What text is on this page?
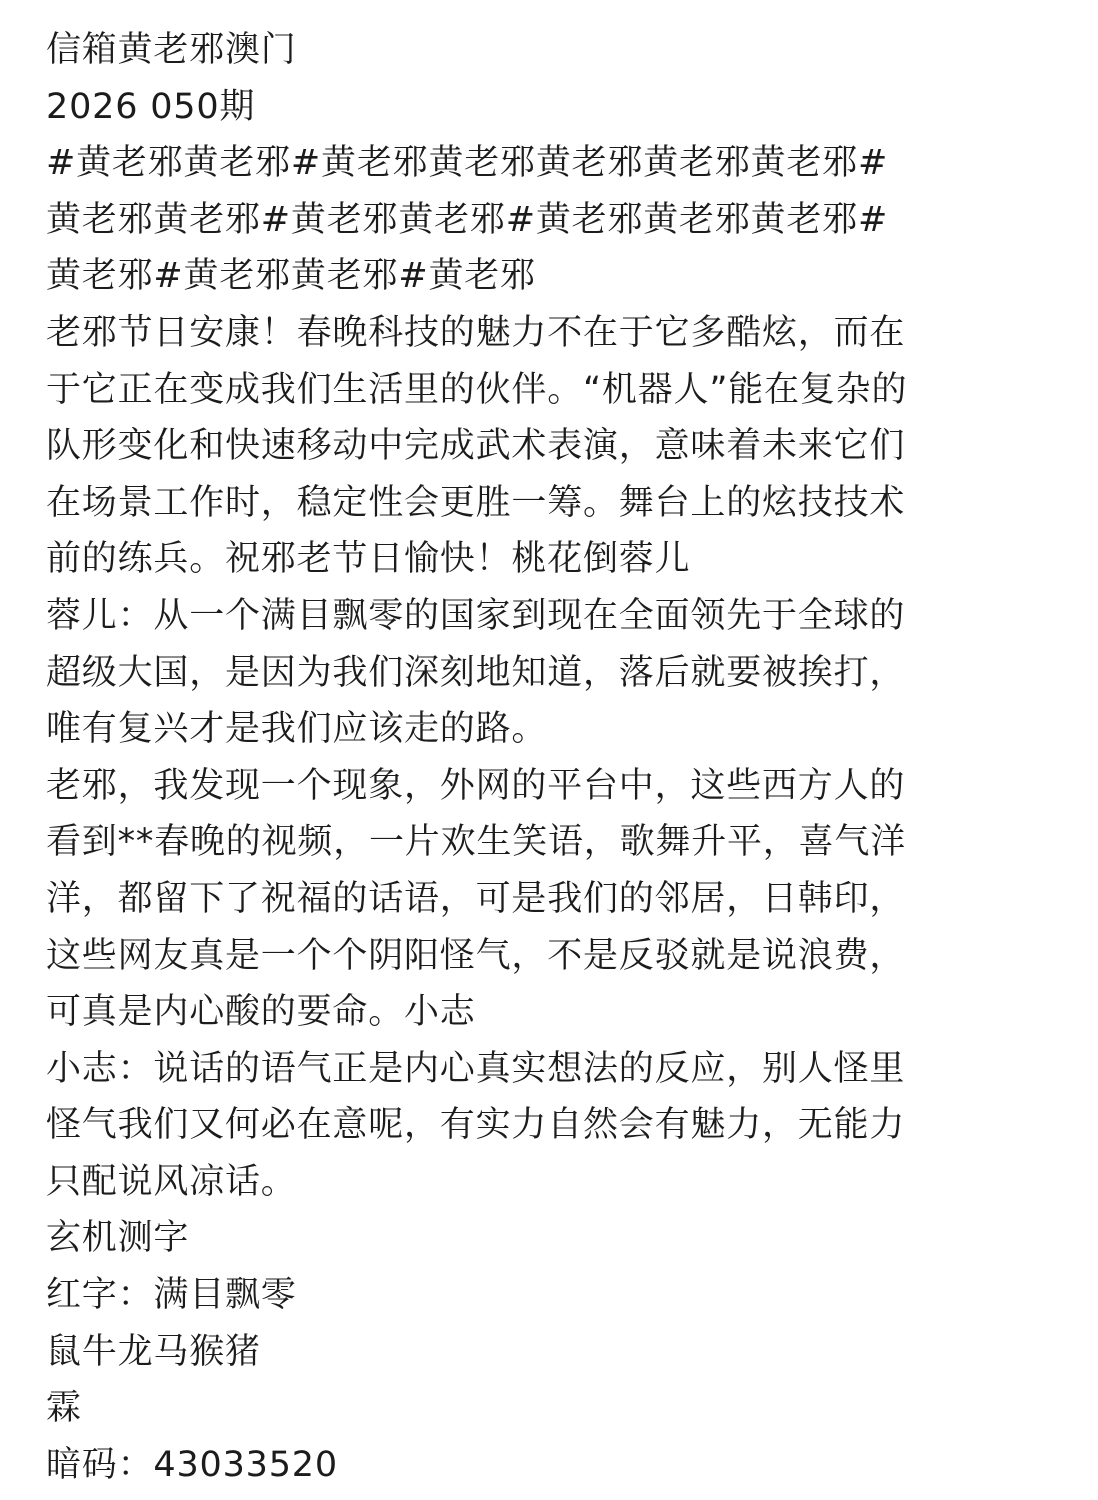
信箱黄老邪澳门
2026 050期
#黄老邪黄老邪#黄老邪黄老邪黄老邪黄老邪黄老邪#
黄老邪黄老邪#黄老邪黄老邪#黄老邪黄老邪黄老邪#
黄老邪#黄老邪黄老邪#黄老邪
老邪节日安康！春晚科技的魅力不在于它多酷炫，而在
于它正在变成我们生活里的伙伴。“机器人”能在复杂的
队形变化和快速移动中完成武术表演，意味着未来它们
在场景工作时，稳定性会更胜一筹。舞台上的炫技技术
前的练兵。祝邪老节日愉快！桃花倒蓉儿
蓉儿：从一个满目飘零的国家到现在全面领先于全球的
超级大国，是因为我们深刻地知道，落后就要被挨打，
唯有复兴才是我们应该走的路。
老邪，我发现一个现象，外网的平台中，这些西方人的
看到**春晚的视频，一片欢生笑语，歌舞升平，喜气洋
洋，都留下了祝福的话语，可是我们的邻居，日韩印，
这些网友真是一个个阴阳怪气，不是反驳就是说浪费，
可真是内心酸的要命。小志
小志：说话的语气正是内心真实想法的反应，别人怪里
怪气我们又何必在意呢，有实力自然会有魅力，无能力
只配说风凉话。
玄机测字
红字：满目飘零
鼠牛龙马猴猪
霖
暗码：43033520
